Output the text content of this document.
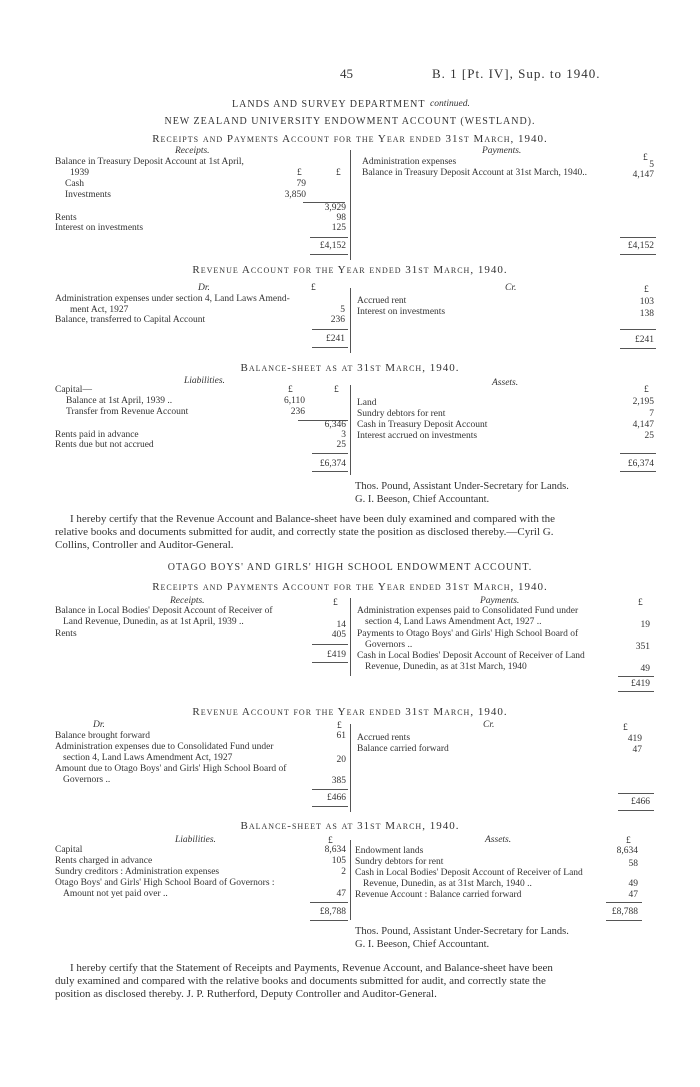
45	B. 1 [Pt. IV], Sup. to 1940.
LANDS AND SURVEY DEPARTMENT continued.
NEW ZEALAND UNIVERSITY ENDOWMENT ACCOUNT (WESTLAND).
Receipts and Payments Account for the Year ended 31st March, 1940.
Receipts.	Payments.
£
Balance in Treasury Deposit Account at 1st April,
1939	£	£
Cash	79
Investments	3,850
3,929
Rents	98
Interest on investments	125
Administration expenses	5
Balance in Treasury Deposit Account at 31st March, 1940..	4,147
£4,152	£4,152
Revenue Account for the Year ended 31st March, 1940.
Dr.	Cr.
£	£
Administration expenses under section 4, Land Laws Amend-
ment Act, 1927	5
Balance, transferred to Capital Account	236
Accrued rent	103
Interest on investments	138
£241	£241
Balance-sheet as at 31st March, 1940.
Liabilities.	Assets.
£	£	£
Capital—
Balance at 1st April, 1939 ..	6,110
Transfer from Revenue Account	236
6,346
Rents paid in advance	3
Rents due but not accrued	25
Land	2,195
Sundry debtors for rent	7
Cash in Treasury Deposit Account	4,147
Interest accrued on investments	25
£6,374	£6,374
Thos. Pound, Assistant Under-Secretary for Lands.
G. I. Beeson, Chief Accountant.
I hereby certify that the Revenue Account and Balance-sheet have been duly examined and compared with the
relative books and documents submitted for audit, and correctly state the position as disclosed thereby.—Cyril G.
Collins, Controller and Auditor-General.
OTAGO BOYS' AND GIRLS' HIGH SCHOOL ENDOWMENT ACCOUNT.
Receipts and Payments Account for the Year ended 31st March, 1940.
Receipts.	Payments.
£	£
Balance in Local Bodies' Deposit Account of Receiver of
Land Revenue, Dunedin, as at 1st April, 1939 ..	14
Rents	405
Administration expenses paid to Consolidated Fund under
section 4, Land Laws Amendment Act, 1927 ..	19
Payments to Otago Boys' and Girls' High School Board of
Governors ..	351
Cash in Local Bodies' Deposit Account of Receiver of Land
Revenue, Dunedin, as at 31st March, 1940	49
£419
£419
Revenue Account for the Year ended 31st March, 1940.
Dr.	Cr.
£	£
Balance brought forward	61
Administration expenses due to Consolidated Fund under
section 4, Land Laws Amendment Act, 1927	20
Amount due to Otago Boys' and Girls' High School Board of
Governors ..	385
Accrued rents	419
Balance carried forward	47
£466	£466
Balance-sheet as at 31st March, 1940.
Liabilities.	Assets.
£	£
Capital	8,634
Rents charged in advance	105
Sundry creditors : Administration expenses	2
Otago Boys' and Girls' High School Board of Governors :
Amount not yet paid over ..	47
Endowment lands	8,634
Sundry debtors for rent	58
Cash in Local Bodies' Deposit Account of Receiver of Land
Revenue, Dunedin, as at 31st March, 1940 ..	49
Revenue Account : Balance carried forward	47
£8,788	£8,788
Thos. Pound, Assistant Under-Secretary for Lands.
G. I. Beeson, Chief Accountant.
I hereby certify that the Statement of Receipts and Payments, Revenue Account, and Balance-sheet have been
duly examined and compared with the relative books and documents submitted for audit, and correctly state the
position as disclosed thereby. J. P. Rutherford, Deputy Controller and Auditor-General.
